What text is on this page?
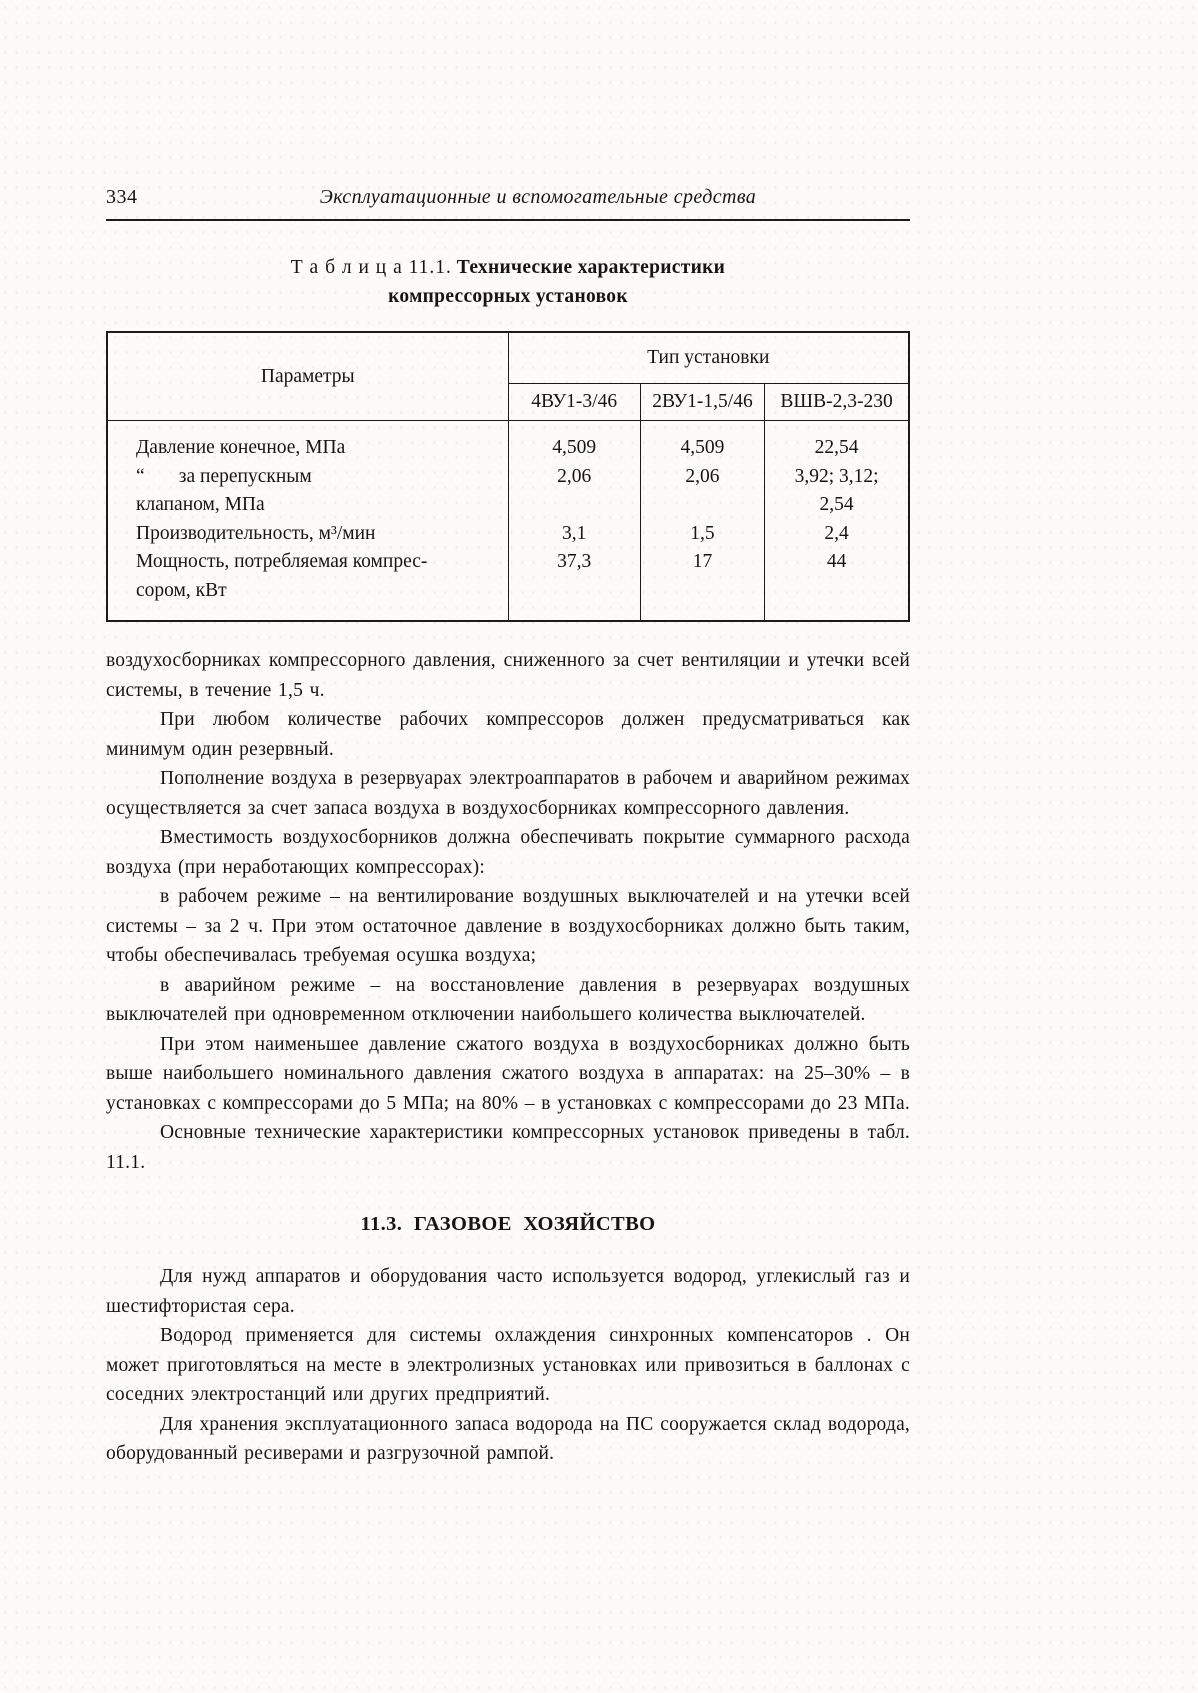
334	Эксплуатационные и вспомогательные средства
Т а б л и ц а 11.1. Технические характеристики
компрессорных установок
Параметры	Тип установки		
	4ВУ1-3/46	2ВУ1-1,5/46	ВШВ-2,3-230
Давление конечное, МПа	4,509	4,509	22,54
“       за перепускным	2,06	2,06	3,92; 3,12;
клапаном, МПа			2,54
Производительность, м³/мин	3,1	1,5	2,4
Мощность, потребляемая компрес-	37,3	17	44
сором, кВт			

воздухосборниках компрессорного давления, сниженного за счет вентиляции и утечки всей системы, в течение 1,5 ч.

При любом количестве рабочих компрессоров должен предусматриваться как минимум один резервный.

Пополнение воздуха в резервуарах электроаппаратов в рабочем и аварийном режимах осуществляется за счет запаса воздуха в воздухосборниках компрессорного давления.

Вместимость воздухосборников должна обеспечивать покрытие суммарного расхода воздуха (при неработающих компрессорах):

в рабочем режиме – на вентилирование воздушных выключателей и на утечки всей системы – за 2 ч. При этом остаточное давление в воздухосборниках должно быть таким, чтобы обеспечивалась требуемая осушка воздуха;

в аварийном режиме – на восстановление давления в резервуарах воздушных выключателей при одновременном отключении наибольшего количества выключателей.

При этом наименьшее давление сжатого воздуха в воздухосборниках должно быть выше наибольшего номинального давления сжатого воздуха в аппаратах: на 25–30% – в установках с компрессорами до 5 МПа; на 80% – в установках с компрессорами до 23 МПа.

Основные технические характеристики компрессорных установок приведены в табл. 11.1.

11.3. ГАЗОВОЕ ХОЗЯЙСТВО

Для нужд аппаратов и оборудования часто используется водород, углекислый газ и шестифтористая сера.

Водород применяется для системы охлаждения синхронных компенсаторов . Он может приготовляться на месте в электролизных установках или привозиться в баллонах с соседних электростанций или других предприятий.

Для хранения эксплуатационного запаса водорода на ПС сооружается склад водорода, оборудованный ресиверами и разгрузочной рампой.
